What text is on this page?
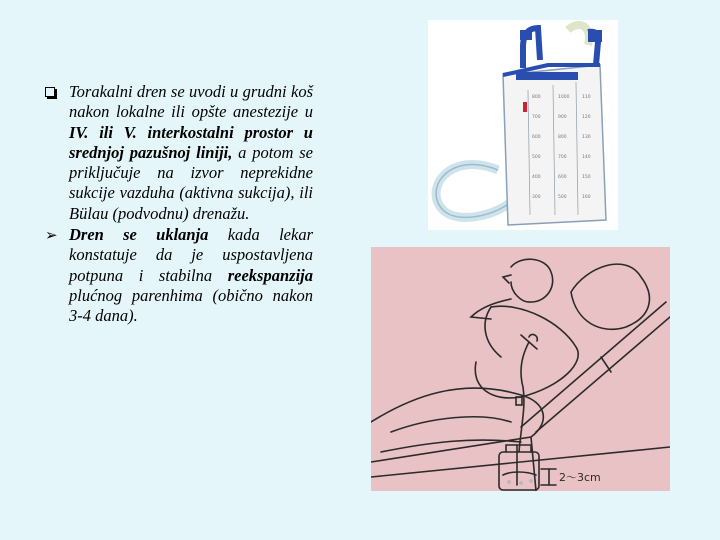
Torakalni dren se uvodi u grudni koš nakon lokalne ili opšte anestezije u IV. ili V. interkostalni prostor u srednjoj pazušnoj liniji, a potom se priključuje na izvor neprekidne sukcije vazduha (aktivna sukcija), ili Bülau (podvodnu) drenažu.
➢ Dren se uklanja kada lekar konstatuje da je uspostavljena potpuna i stabilna reekspanzija plućnog parenhima (obično nakon 3-4 dana).
800
700
600
500
400
300
1000
900
800
700
600
500
110
120
130
140
150
160
2～3cm
